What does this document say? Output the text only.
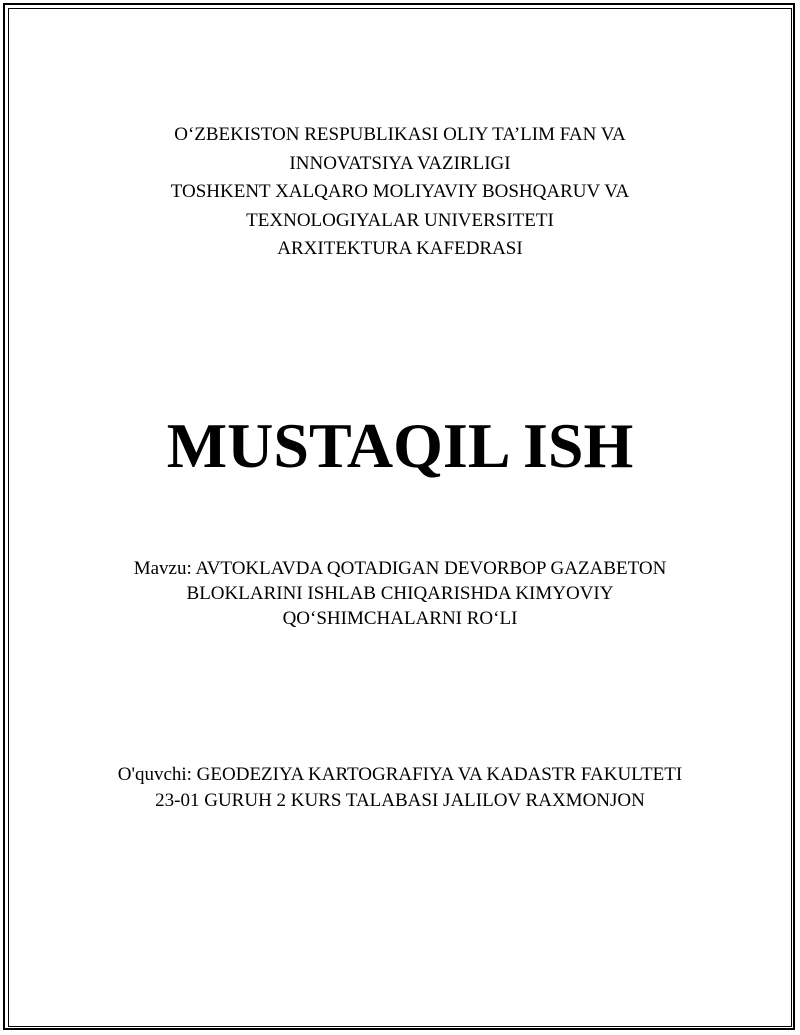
O‘ZBEKISTON RESPUBLIKASI OLIY TA’LIM FAN VA
INNOVATSIYA VAZIRLIGI
TOSHKENT XALQARO MOLIYAVIY BOSHQARUV VA
TEXNOLOGIYALAR UNIVERSITETI
ARXITEKTURA KAFEDRASI
MUSTAQIL ISH
Mavzu: AVTOKLAVDA QOTADIGAN DEVORBOP GAZABETON
BLOKLARINI ISHLAB CHIQARISHDA KIMYOVIY
QO‘SHIMCHALARNI RO‘LI
O'quvchi: GEODEZIYA KARTOGRAFIYA VA KADASTR FAKULTETI
23-01 GURUH 2 KURS TALABASI JALILOV RAXMONJON
